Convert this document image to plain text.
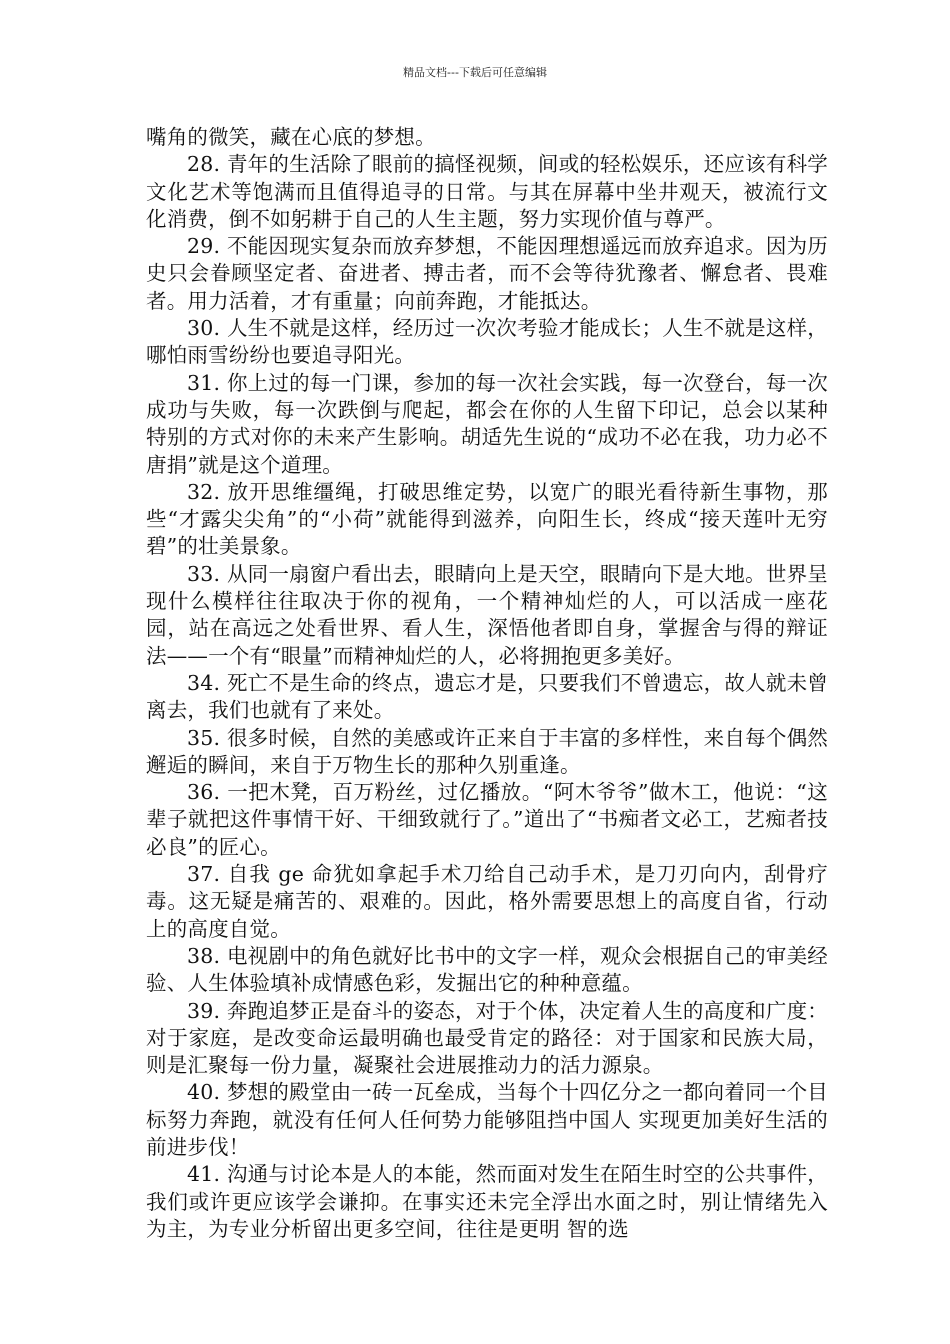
精品文档---下载后可任意编辑

嘴角的微笑，藏在心底的梦想。

28. 青年的生活除了眼前的搞怪视频，间或的轻松娱乐，还应该有科学文化艺术等饱满而且值得追寻的日常。与其在屏幕中坐井观天，被流行文化消费，倒不如躬耕于自己的人生主题，努力实现价值与尊严。

29. 不能因现实复杂而放弃梦想，不能因理想遥远而放弃追求。因为历史只会眷顾坚定者、奋进者、搏击者，而不会等待犹豫者、懈怠者、畏难者。用力活着，才有重量；向前奔跑，才能抵达。

30. 人生不就是这样，经历过一次次考验才能成长；人生不就是这样，哪怕雨雪纷纷也要追寻阳光。

31. 你上过的每一门课，参加的每一次社会实践，每一次登台，每一次成功与失败，每一次跌倒与爬起，都会在你的人生留下印记，总会以某种特别的方式对你的未来产生影响。胡适先生说的“成功不必在我，功力必不唐捐”就是这个道理。

32. 放开思维缰绳，打破思维定势，以宽广的眼光看待新生事物，那些“才露尖尖角”的“小荷”就能得到滋养，向阳生长，终成“接天莲叶无穷碧”的壮美景象。

33. 从同一扇窗户看出去，眼睛向上是天空，眼睛向下是大地。世界呈现什么模样往往取决于你的视角，一个精神灿烂的人，可以活成一座花园，站在高远之处看世界、看人生，深悟他者即自身，掌握舍与得的辩证法——一个有“眼量”而精神灿烂的人，必将拥抱更多美好。

34. 死亡不是生命的终点，遗忘才是，只要我们不曾遗忘，故人就未曾离去，我们也就有了来处。

35. 很多时候，自然的美感或许正来自于丰富的多样性，来自每个偶然邂逅的瞬间，来自于万物生长的那种久别重逢。

36. 一把木凳，百万粉丝，过亿播放。“阿木爷爷”做木工，他说：“这辈子就把这件事情干好、干细致就行了。”道出了“书痴者文必工，艺痴者技必良”的匠心。

37. 自我 ge 命犹如拿起手术刀给自己动手术，是刀刃向内，刮骨疗毒。这无疑是痛苦的、艰难的。因此，格外需要思想上的高度自省，行动上的高度自觉。

38. 电视剧中的角色就好比书中的文字一样，观众会根据自己的审美经验、人生体验填补成情感色彩，发掘出它的种种意蕴。

39. 奔跑追梦正是奋斗的姿态，对于个体，决定着人生的高度和广度：对于家庭，是改变命运最明确也最受肯定的路径：对于国家和民族大局，则是汇聚每一份力量，凝聚社会进展推动力的活力源泉。

40. 梦想的殿堂由一砖一瓦垒成，当每个十四亿分之一都向着同一个目标努力奔跑，就没有任何人任何势力能够阻挡中国人 实现更加美好生活的前进步伐！

41. 沟通与讨论本是人的本能，然而面对发生在陌生时空的公共事件，我们或许更应该学会谦抑。在事实还未完全浮出水面之时，别让情绪先入为主，为专业分析留出更多空间，往往是更明 智的选
